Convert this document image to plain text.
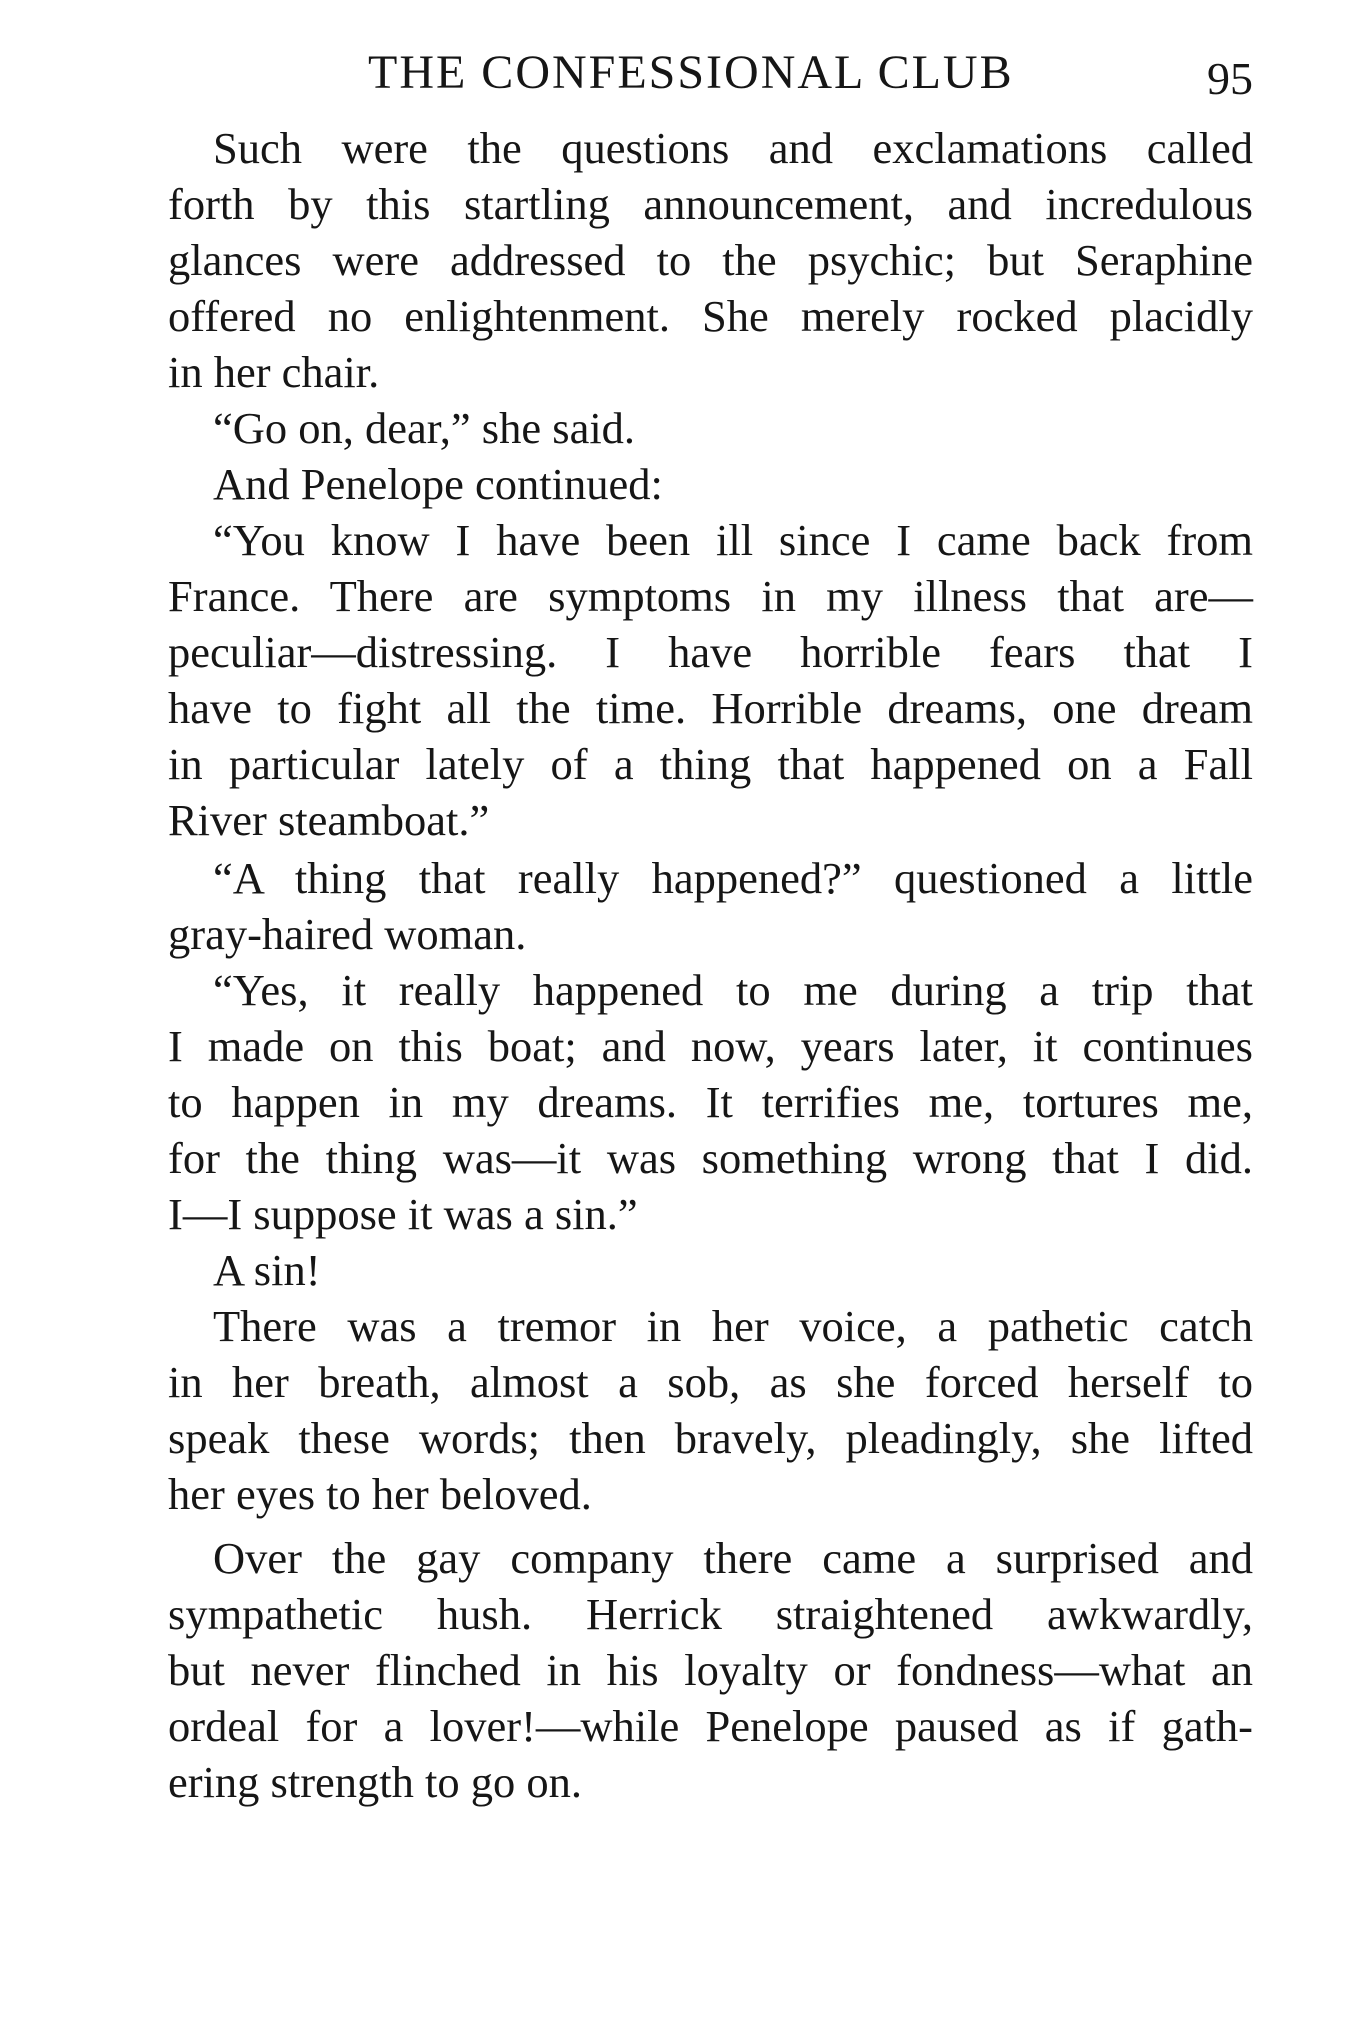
THE CONFESSIONAL CLUB	95
Such were the questions and exclamations called
forth by this startling announcement, and incredulous
glances were addressed to the psychic; but Seraphine
offered no enlightenment. She merely rocked placidly
in her chair.
“Go on, dear,” she said.
And Penelope continued:
“You know I have been ill since I came back from
France. There are symptoms in my illness that are—
peculiar—distressing. I have horrible fears that I
have to fight all the time. Horrible dreams, one dream
in particular lately of a thing that happened on a Fall
River steamboat.”
“A thing that really happened?” questioned a little
gray-haired woman.
“Yes, it really happened to me during a trip that
I made on this boat; and now, years later, it continues
to happen in my dreams. It terrifies me, tortures me,
for the thing was—it was something wrong that I did.
I—I suppose it was a sin.”
A sin!
There was a tremor in her voice, a pathetic catch
in her breath, almost a sob, as she forced herself to
speak these words; then bravely, pleadingly, she lifted
her eyes to her beloved.
Over the gay company there came a surprised and
sympathetic hush. Herrick straightened awkwardly,
but never flinched in his loyalty or fondness—what an
ordeal for a lover!—while Penelope paused as if gath-
ering strength to go on.
